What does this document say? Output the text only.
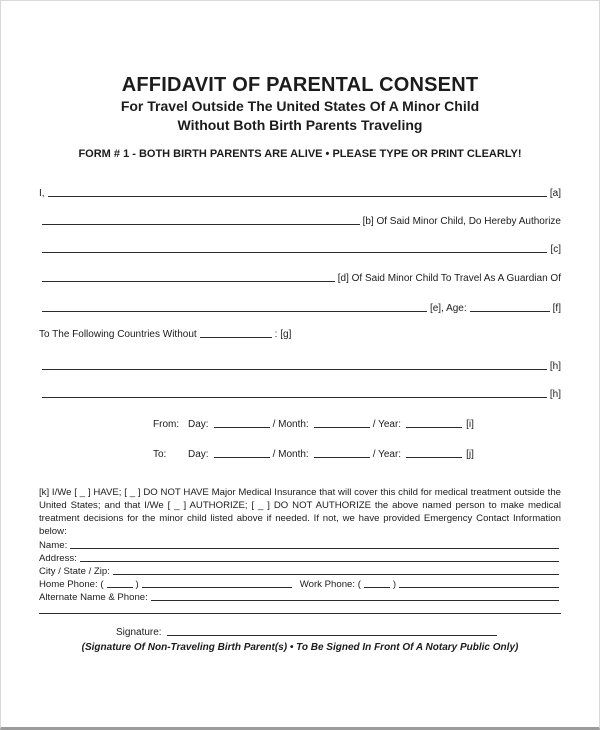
AFFIDAVIT OF PARENTAL CONSENT
For Travel Outside The United States Of A Minor Child
Without Both Birth Parents Traveling
FORM # 1 - BOTH BIRTH PARENTS ARE ALIVE • PLEASE TYPE OR PRINT CLEARLY!
I,	[a]
[b] Of Said Minor Child, Do Hereby Authorize
[c]
[d] Of Said Minor Child To Travel As A Guardian Of
[e], Age:	[f]
To The Following Countries Without	: [g]
[h]
[h]
From: Day:	/ Month:	/ Year:	[i]
To:	Day:	/ Month:	/ Year:	[j]

[k] I/We [ _ ] HAVE; [ _ ] DO NOT HAVE Major Medical Insurance that will cover this child for medical treatment outside the United States; and that I/We [ _ ] AUTHORIZE; [ _ ] DO NOT AUTHORIZE the above named person to make medical treatment decisions for the minor child listed above if needed. If not, we have provided Emergency Contact Information below:

Name:
Address:
City / State / Zip:
Home Phone:
(	)	Work Phone:
(	)
Alternate Name & Phone:
Signature:
(Signature Of Non-Traveling Birth Parent(s) • To Be Signed In Front Of A Notary Public Only)
